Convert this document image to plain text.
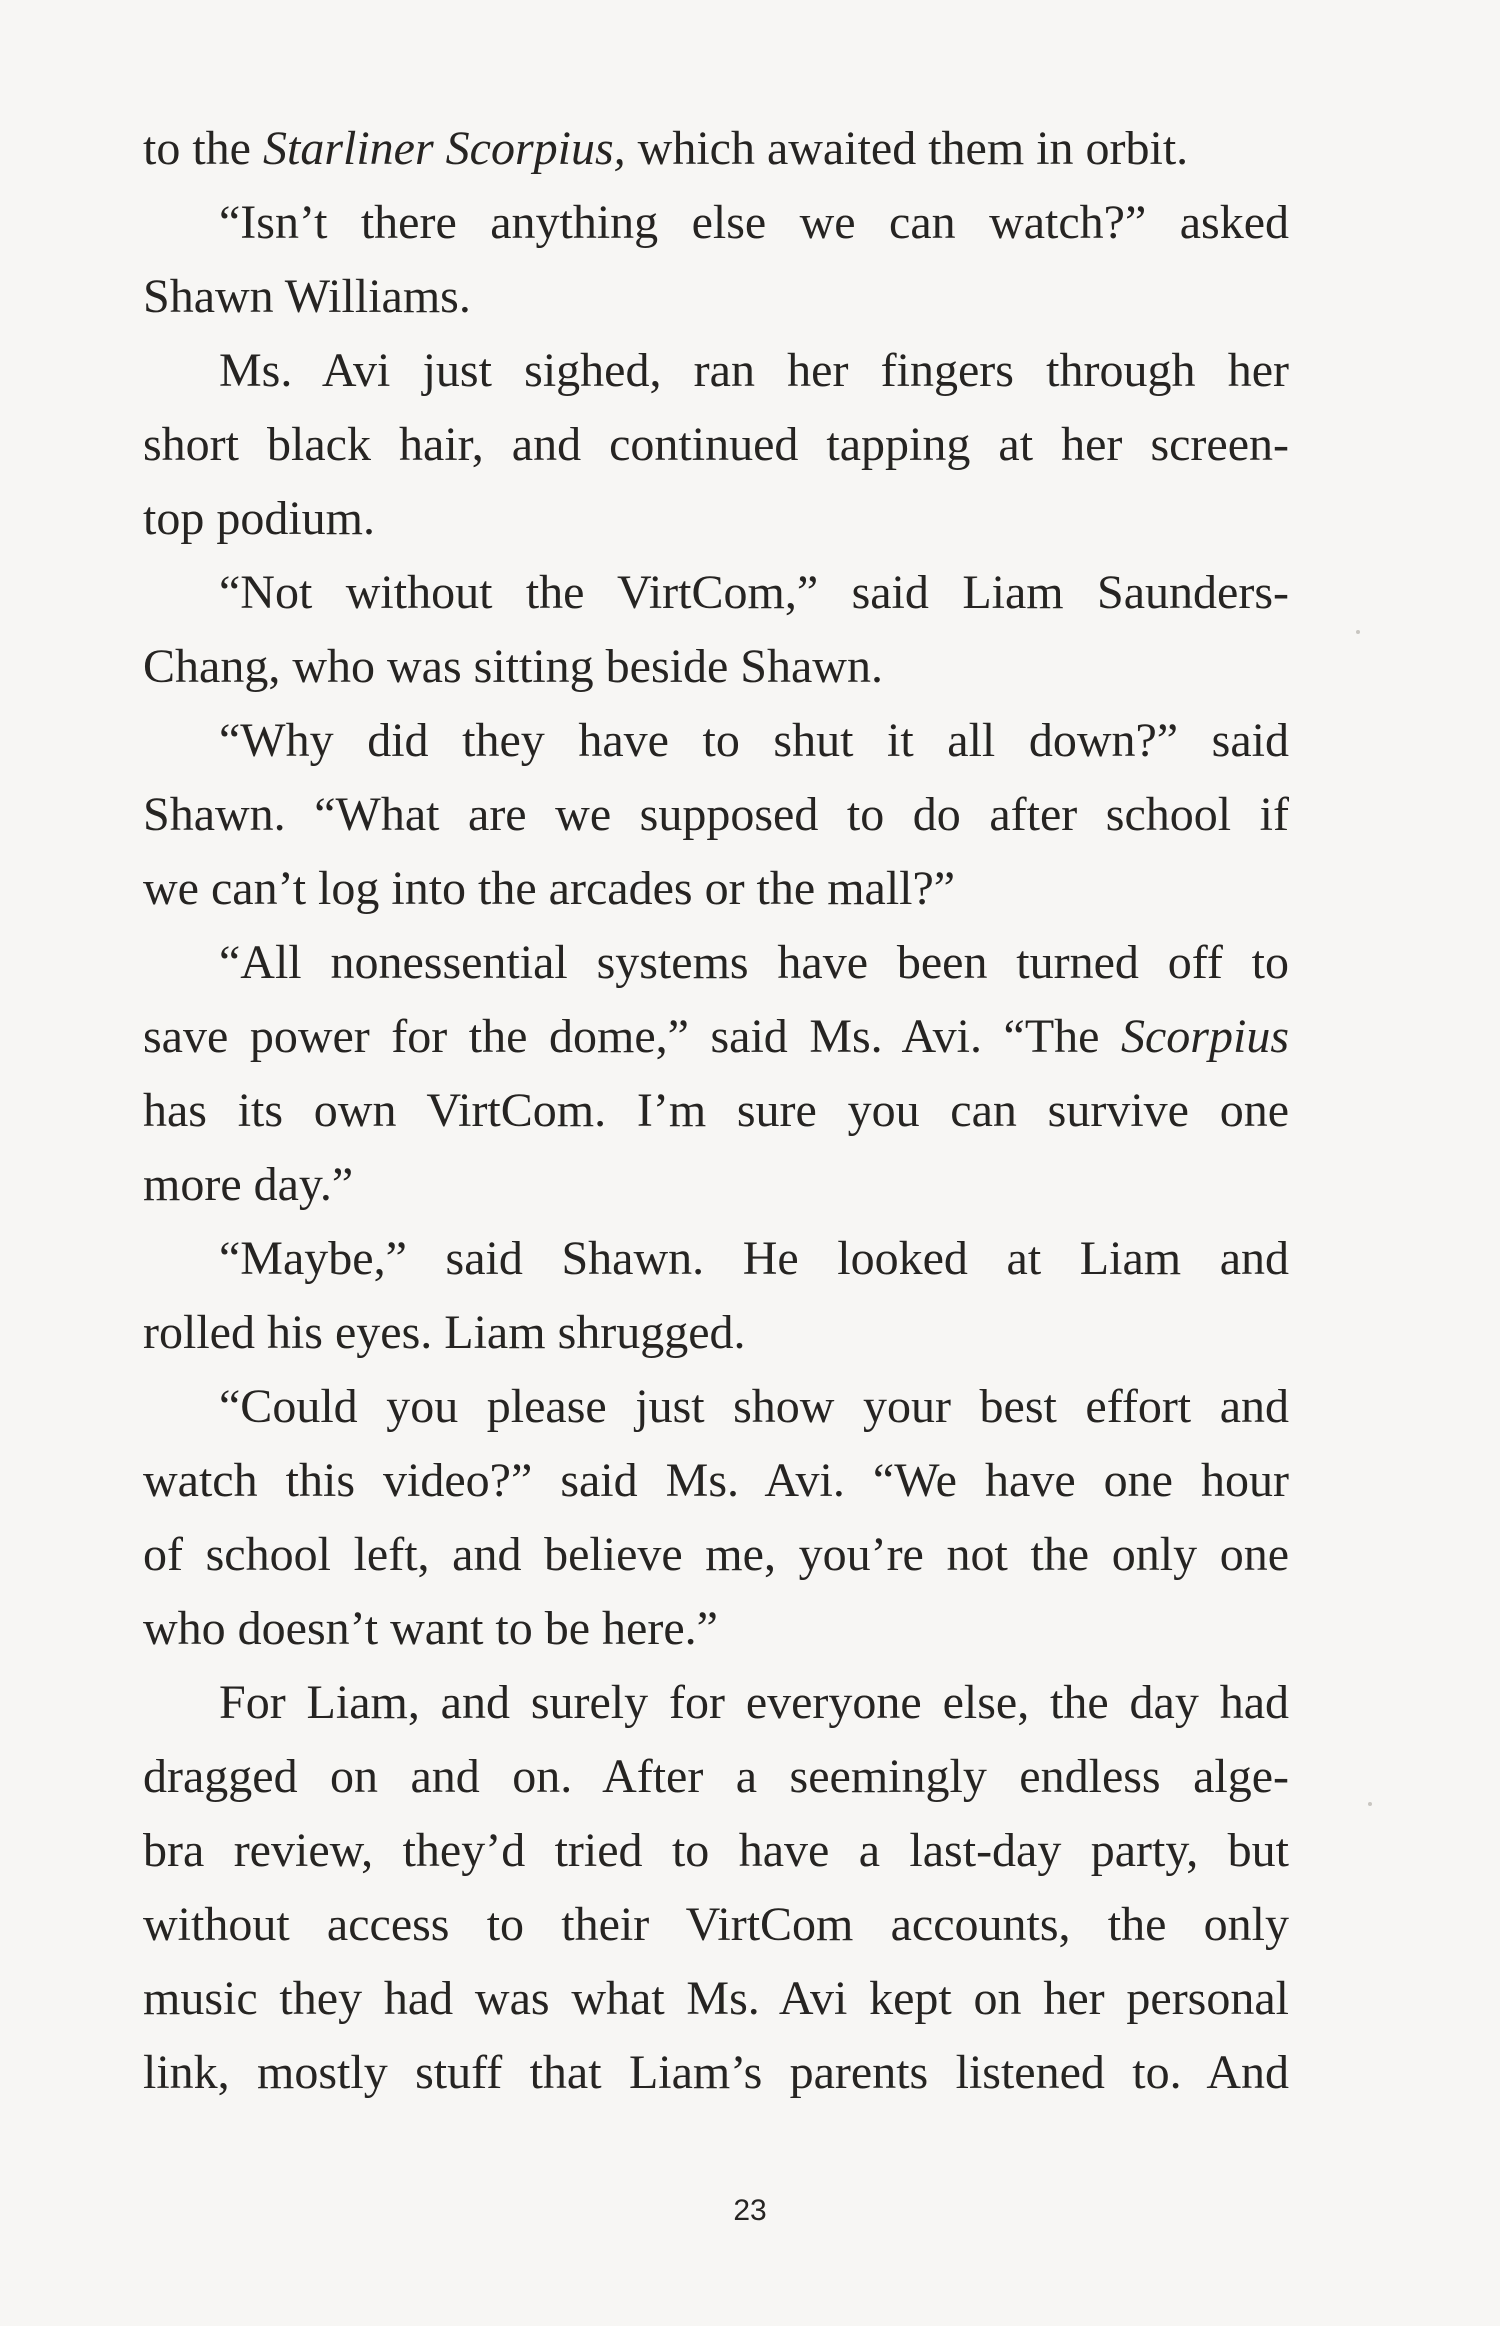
to the Starliner Scorpius, which awaited them in orbit.
“Isn’t there anything else we can watch?” asked
Shawn Williams.
Ms. Avi just sighed, ran her fingers through her
short black hair, and continued tapping at her screen-
top podium.
“Not without the VirtCom,” said Liam Saunders-
Chang, who was sitting beside Shawn.
“Why did they have to shut it all down?” said
Shawn. “What are we supposed to do after school if
we can’t log into the arcades or the mall?”
“All nonessential systems have been turned off to
save power for the dome,” said Ms. Avi. “The Scorpius
has its own VirtCom. I’m sure you can survive one
more day.”
“Maybe,” said Shawn. He looked at Liam and
rolled his eyes. Liam shrugged.
“Could you please just show your best effort and
watch this video?” said Ms. Avi. “We have one hour
of school left, and believe me, you’re not the only one
who doesn’t want to be here.”
For Liam, and surely for everyone else, the day had
dragged on and on. After a seemingly endless alge-
bra review, they’d tried to have a last-day party, but
without access to their VirtCom accounts, the only
music they had was what Ms. Avi kept on her personal
link, mostly stuff that Liam’s parents listened to. And
23
